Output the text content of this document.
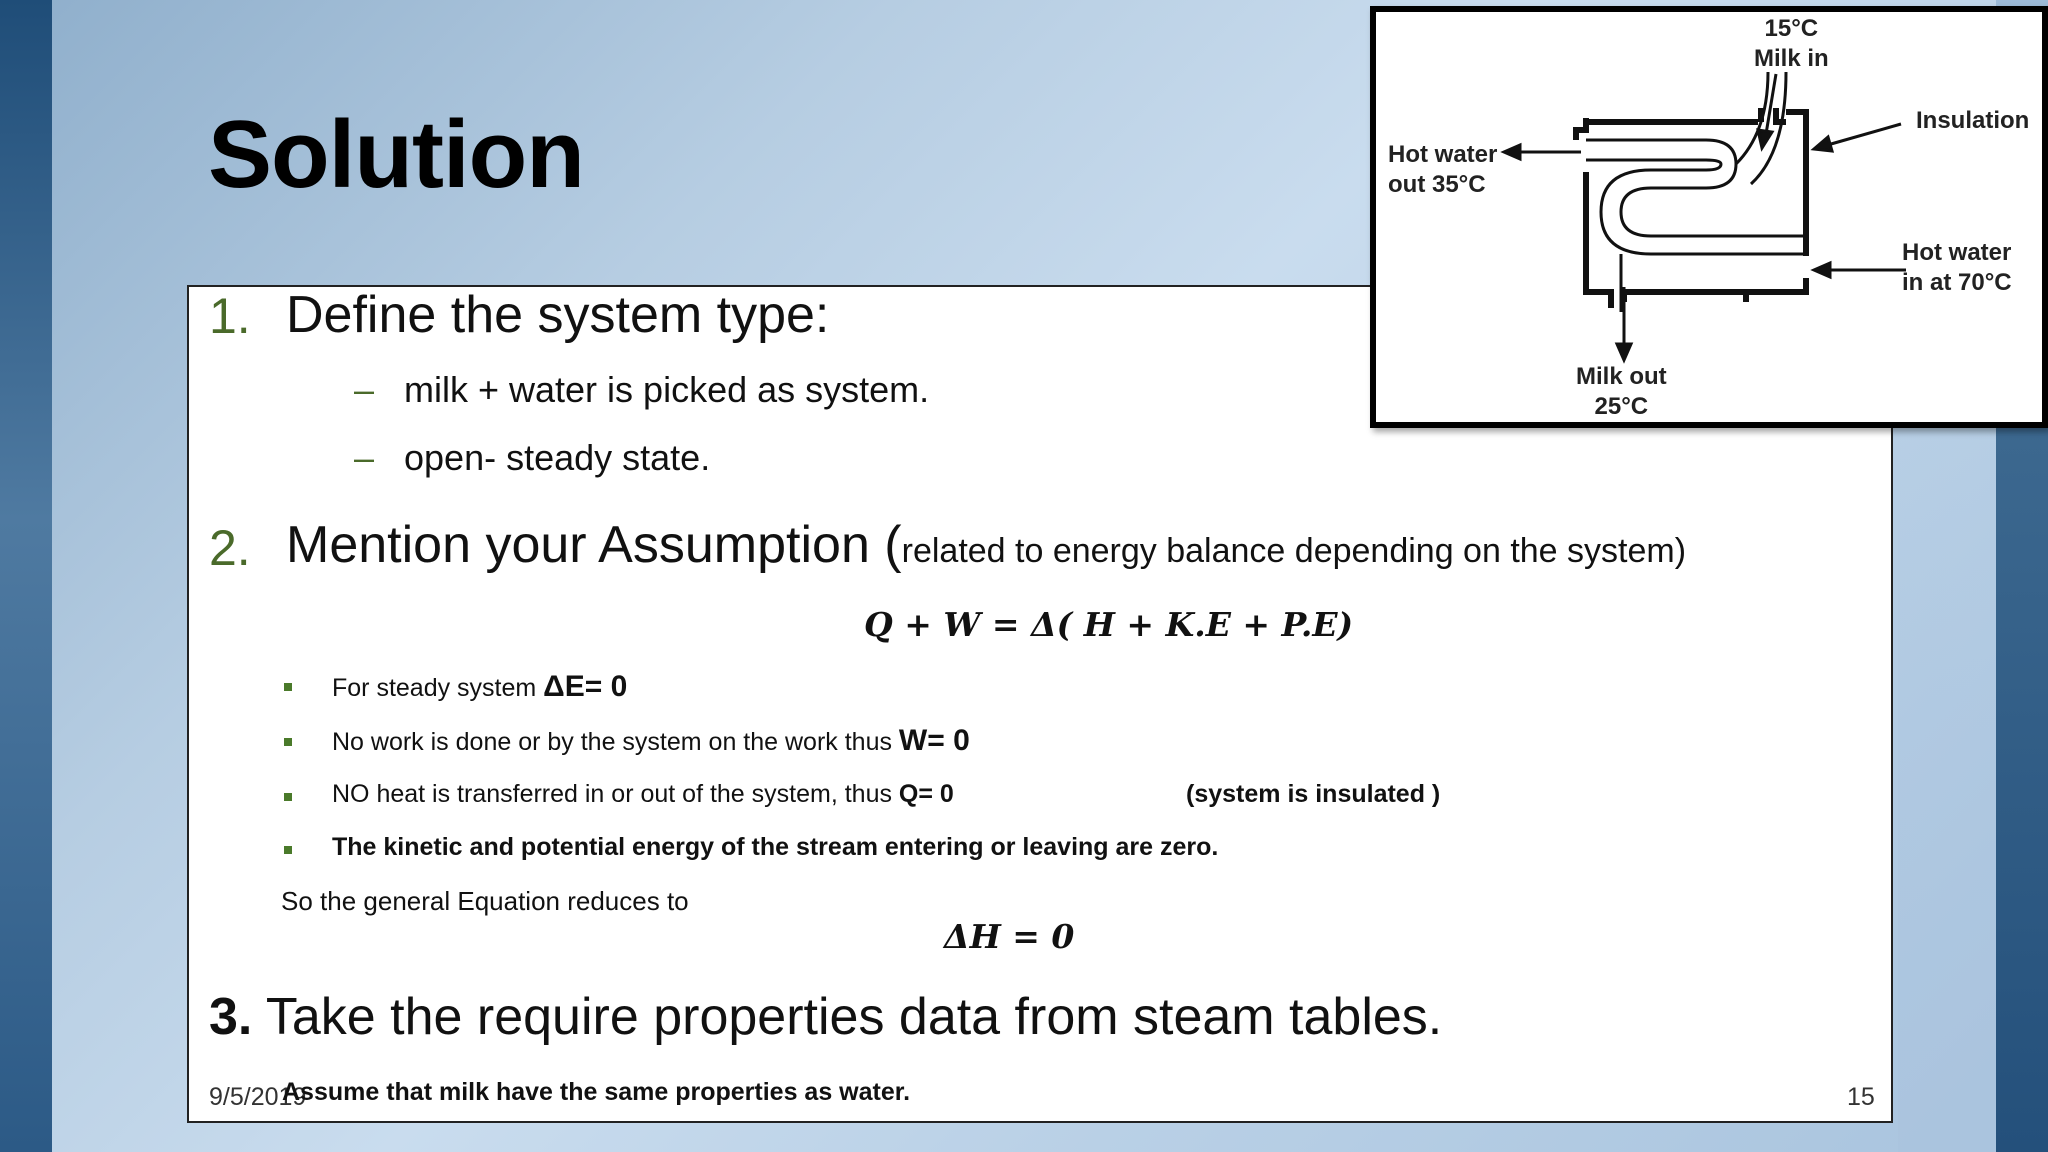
Solution
1. Define the system type:
– milk + water is picked as system.
– open- steady state.
2. Mention your Assumption (related to energy balance depending on the system)
Q + W = Δ( H + K.E + P.E)
For steady system ΔE= 0
No work is done or by the system on the work thus W= 0
NO heat is transferred in or out of the system, thus Q= 0	(system is insulated )
The kinetic and potential energy of the stream entering or leaving are zero.
So the general Equation reduces to
ΔH = 0
3. Take the require properties data from steam tables.
9/5/2019
Assume that milk have the same properties as water.	15
15°C
Milk in
Insulation
Hot water
out 35°C
Hot water
in at 70°C
Milk out
25°C
